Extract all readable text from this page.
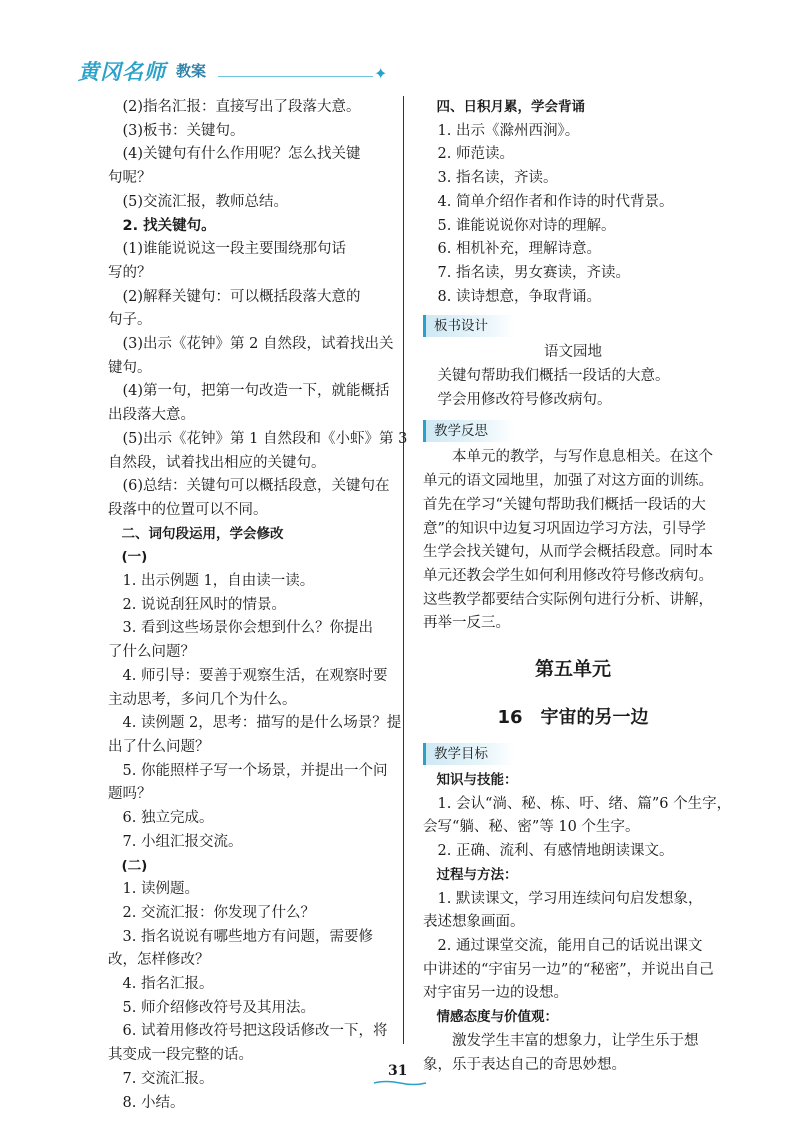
黄冈名师 教案	✦
(2)指名汇报：直接写出了段落大意。
(3)板书：关键句。
(4)关键句有什么作用呢？怎么找关键
句呢？
(5)交流汇报，教师总结。
2. 找关键句。
(1)谁能说说这一段主要围绕那句话
写的？
(2)解释关键句：可以概括段落大意的
句子。
(3)出示《花钟》第 2 自然段，试着找出关
键句。
(4)第一句，把第一句改造一下，就能概括
出段落大意。
(5)出示《花钟》第 1 自然段和《小虾》第 3
自然段，试着找出相应的关键句。
(6)总结：关键句可以概括段意，关键句在
段落中的位置可以不同。
二、词句段运用，学会修改
(一)
1. 出示例题 1，自由读一读。
2. 说说刮狂风时的情景。
3. 看到这些场景你会想到什么？你提出
了什么问题？
4. 师引导：要善于观察生活，在观察时要
主动思考，多问几个为什么。
4. 读例题 2，思考：描写的是什么场景？提
出了什么问题？
5. 你能照样子写一个场景，并提出一个问
题吗？
6. 独立完成。
7. 小组汇报交流。
(二)
1. 读例题。
2. 交流汇报：你发现了什么？
3. 指名说说有哪些地方有问题，需要修
改，怎样修改？
4. 指名汇报。
5. 师介绍修改符号及其用法。
6. 试着用修改符号把这段话修改一下，将
其变成一段完整的话。
7. 交流汇报。
8. 小结。
四、日积月累，学会背诵
1. 出示《滁州西涧》。
2. 师范读。
3. 指名读，齐读。
4. 简单介绍作者和作诗的时代背景。
5. 谁能说说你对诗的理解。
6. 相机补充，理解诗意。
7. 指名读，男女赛读，齐读。
8. 读诗想意，争取背诵。
板书设计
语文园地
关键句帮助我们概括一段话的大意。
学会用修改符号修改病句。
教学反思
本单元的教学，与写作息息相关。在这个
单元的语文园地里，加强了对这方面的训练。
首先在学习“关键句帮助我们概括一段话的大
意”的知识中边复习巩固边学习方法，引导学
生学会找关键句，从而学会概括段意。同时本
单元还教会学生如何利用修改符号修改病句。
这些教学都要结合实际例句进行分析、讲解，
再举一反三。
第五单元
16　宇宙的另一边
教学目标
知识与技能：
1. 会认“淌、秘、栋、吁、绪、篇”6 个生字，
会写“躺、秘、密”等 10 个生字。
2. 正确、流利、有感情地朗读课文。
过程与方法：
1. 默读课文，学习用连续问句启发想象，
表述想象画面。
2. 通过课堂交流，能用自己的话说出课文
中讲述的“宇宙另一边”的“秘密”，并说出自己
对宇宙另一边的设想。
情感态度与价值观：
激发学生丰富的想象力，让学生乐于想
象，乐于表达自己的奇思妙想。
31
